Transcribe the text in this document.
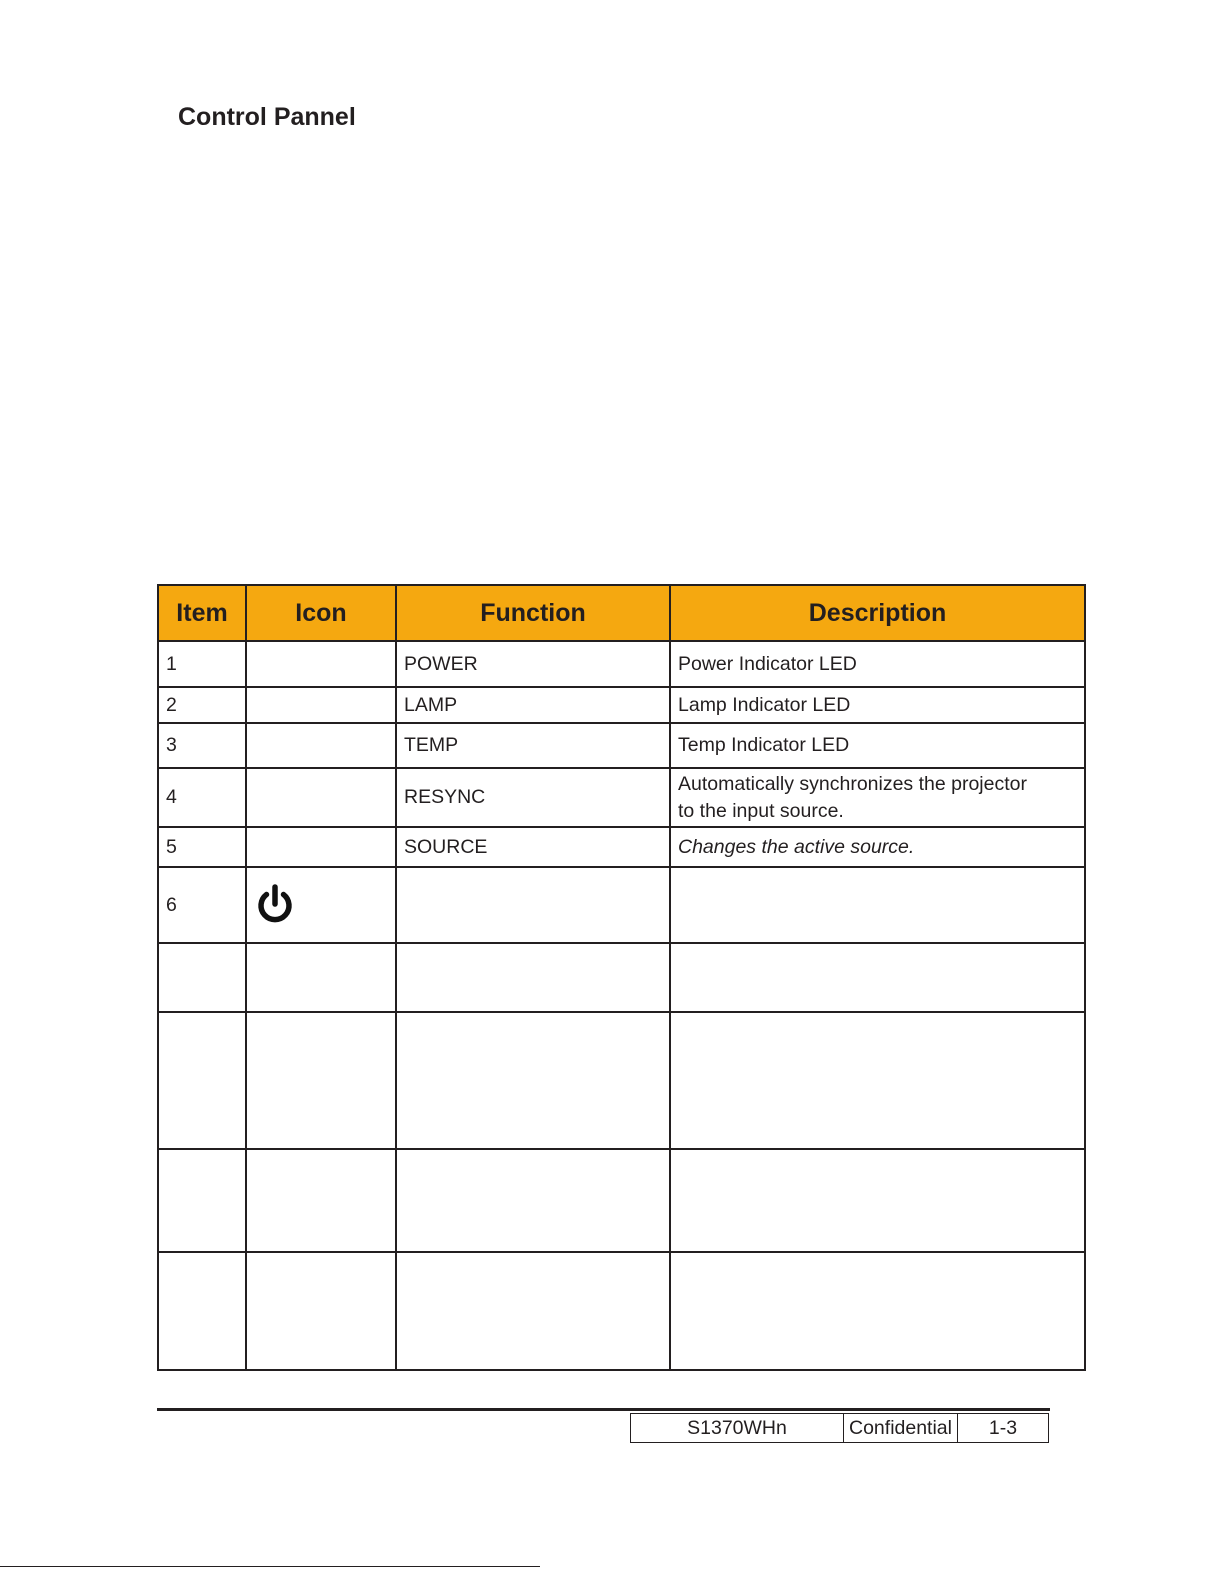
Control Pannel
Item	Icon	Function	Description
1		POWER	Power Indicator LED
2		LAMP	Lamp Indicator LED
3		TEMP	Temp Indicator LED
4		RESYNC	Automatically synchronizes the projector
to the input source.

5		SOURCE	Changes the active source.
6	

S1370WHn	Confidential	1-3
